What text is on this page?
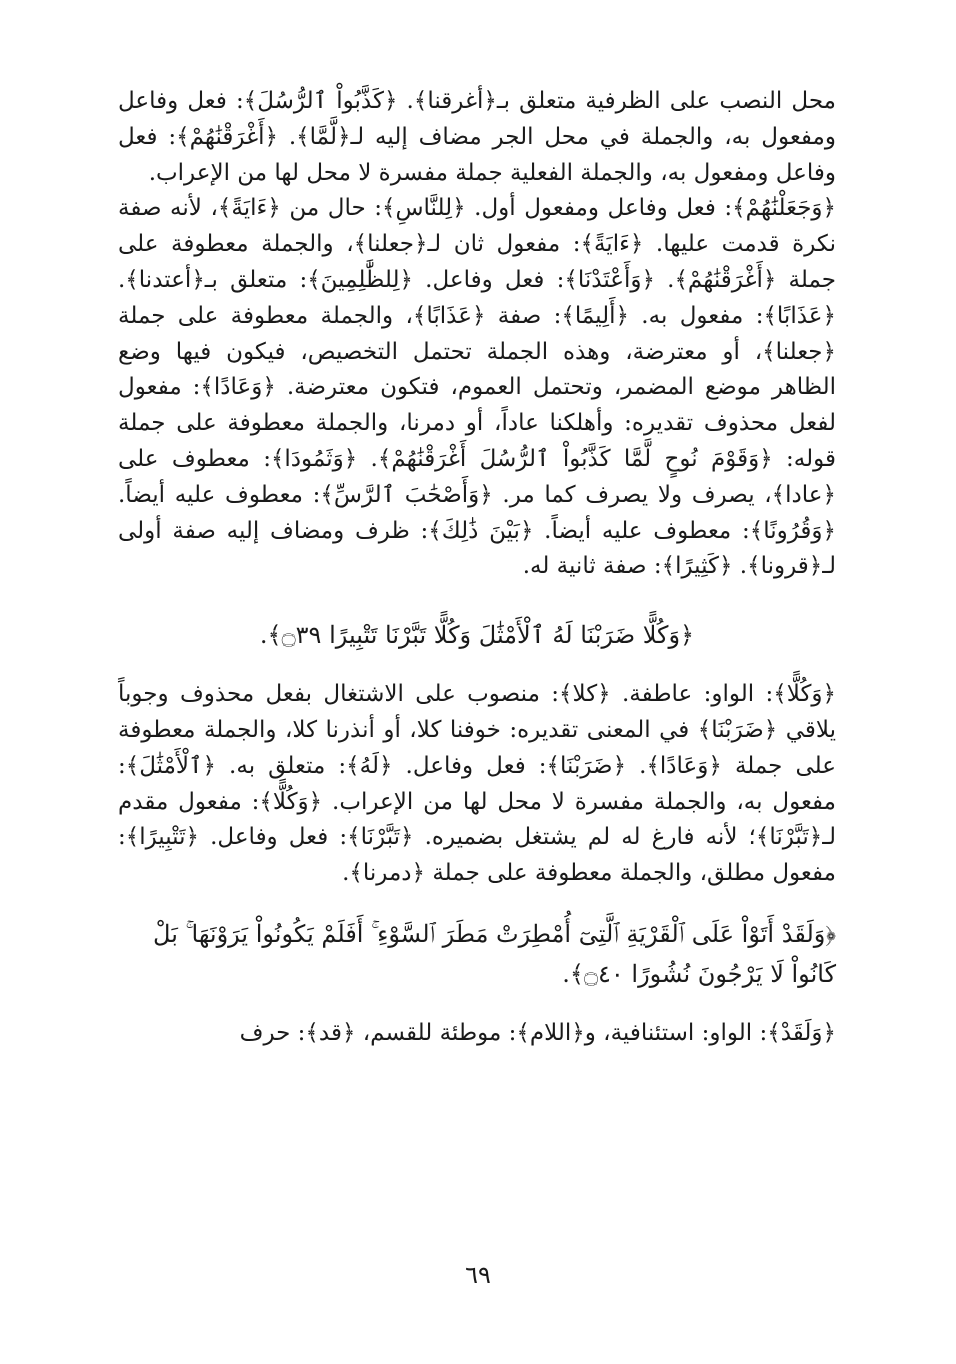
محل النصب على الظرفية متعلق بـ﴿أغرقنا﴾. ﴿كَذَّبُواْ ٱلرُّسُلَ﴾: فعل وفاعل ومفعول به، والجملة في محل الجر مضاف إليه لـ﴿لَّمَّا﴾. ﴿أَغْرَقْنَٰهُمْ﴾: فعل وفاعل ومفعول به، والجملة الفعلية جملة مفسرة لا محل لها من الإعراب.

﴿وَجَعَلْنَٰهُمْ﴾: فعل وفاعل ومفعول أول. ﴿لِلنَّاسِ﴾: حال من ﴿ءَايَةً﴾، لأنه صفة نكرة قدمت عليها. ﴿ءَايَةً﴾: مفعول ثان لـ﴿جعلنا﴾، والجملة معطوفة على جملة ﴿أَغْرَقْنَٰهُمْ﴾. ﴿وَأَعْتَدْنَا﴾: فعل وفاعل. ﴿لِلظَّٰلِمِينَ﴾: متعلق بـ﴿أعتدنا﴾. ﴿عَذَابًا﴾: مفعول به. ﴿أَلِيمًا﴾: صفة ﴿عَذَابًا﴾، والجملة معطوفة على جملة ﴿جعلنا﴾، أو معترضة، وهذه الجملة تحتمل التخصيص، فيكون فيها وضع الظاهر موضع المضمر، وتحتمل العموم، فتكون معترضة. ﴿وَعَادًا﴾: مفعول لفعل محذوف تقديره: وأهلكنا عاداً، أو دمرنا، والجملة معطوفة على جملة قوله: ﴿وَقَوْمَ نُوحٍ لَّمَّا كَذَّبُواْ ٱلرُّسُلَ أَغْرَقْنَٰهُمْ﴾. ﴿وَثَمُودَا﴾: معطوف على ﴿عادا﴾، يصرف ولا يصرف كما مر. ﴿وَأَصْحَٰبَ ٱلرَّسِّ﴾: معطوف عليه أيضاً. ﴿وَقُرُونًا﴾: معطوف عليه أيضاً. ﴿بَيْنَ ذَٰلِكَ﴾: ظرف ومضاف إليه صفة أولى لـ﴿قرونا﴾. ﴿كَثِيرًا﴾: صفة ثانية له.

﴿وَكُلًّا ضَرَبْنَا لَهُ ٱلْأَمْثَٰلَ وَكُلًّا تَبَّرْنَا تَتْبِيرًا ۝٣٩﴾.

﴿وَكُلًّا﴾: الواو: عاطفة. ﴿كلا﴾: منصوب على الاشتغال بفعل محذوف وجوباً يلاقي ﴿ضَرَبْنَا﴾ في المعنى تقديره: خوفنا كلا، أو أنذرنا كلا، والجملة معطوفة على جملة ﴿وَعَادًا﴾. ﴿ضَرَبْنَا﴾: فعل وفاعل. ﴿لَهُ﴾: متعلق به. ﴿ٱلْأَمْثَٰلَ﴾: مفعول به، والجملة مفسرة لا محل لها من الإعراب. ﴿وَكُلًّا﴾: مفعول مقدم لـ﴿تَبَّرْنَا﴾؛ لأنه فارغ له لم يشتغل بضميره. ﴿تَبَّرْنَا﴾: فعل وفاعل. ﴿تَتْبِيرًا﴾: مفعول مطلق، والجملة معطوفة على جملة ﴿دمرنا﴾.

﴿وَلَقَدْ أَتَوْاْ عَلَى ٱلْقَرْيَةِ ٱلَّتِىٓ أُمْطِرَتْ مَطَرَ ٱلسَّوْءِ ۚ أَفَلَمْ يَكُونُواْ يَرَوْنَهَا ۚ بَلْ كَانُواْ لَا يَرْجُونَ نُشُورًا ۝٤٠﴾.

﴿وَلَقَدْ﴾: الواو: استئنافية، و﴿اللام﴾: موطئة للقسم، ﴿قد﴾: حرف

٦٩
